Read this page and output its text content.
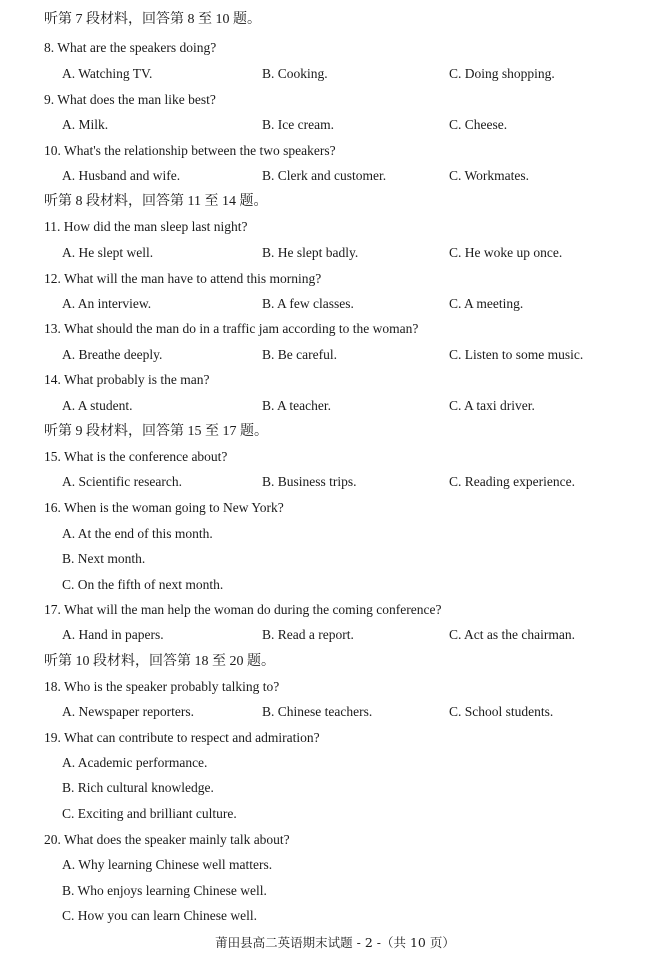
听第 7 段材料，回答第 8 至 10 题。
8. What are the speakers doing?
A. Watching TV.	B. Cooking.	C. Doing shopping.
9. What does the man like best?
A. Milk.	B. Ice cream.	C. Cheese.
10. What's the relationship between the two speakers?
A. Husband and wife.	B. Clerk and customer.	C. Workmates.
听第 8 段材料，回答第 11 至 14 题。
11. How did the man sleep last night?
A. He slept well.	B. He slept badly.	C. He woke up once.
12. What will the man have to attend this morning?
A. An interview.	B. A few classes.	C. A meeting.
13. What should the man do in a traffic jam according to the woman?
A. Breathe deeply.	B. Be careful.	C. Listen to some music.
14. What probably is the man?
A. A student.	B. A teacher.	C. A taxi driver.
听第 9 段材料，回答第 15 至 17 题。
15. What is the conference about?
A. Scientific research.	B. Business trips.	C. Reading experience.
16. When is the woman going to New York?
A. At the end of this month.
B. Next month.
C. On the fifth of next month.
17. What will the man help the woman do during the coming conference?
A. Hand in papers.	B. Read a report.	C. Act as the chairman.
听第 10 段材料，回答第 18 至 20 题。
18. Who is the speaker probably talking to?
A. Newspaper reporters.	B. Chinese teachers.	C. School students.
19. What can contribute to respect and admiration?
A. Academic performance.
B. Rich cultural knowledge.
C. Exciting and brilliant culture.
20. What does the speaker mainly talk about?
A. Why learning Chinese well matters.
B. Who enjoys learning Chinese well.
C. How you can learn Chinese well.
莆田县高二英语期末试题 - 2 -（共 10 页）
